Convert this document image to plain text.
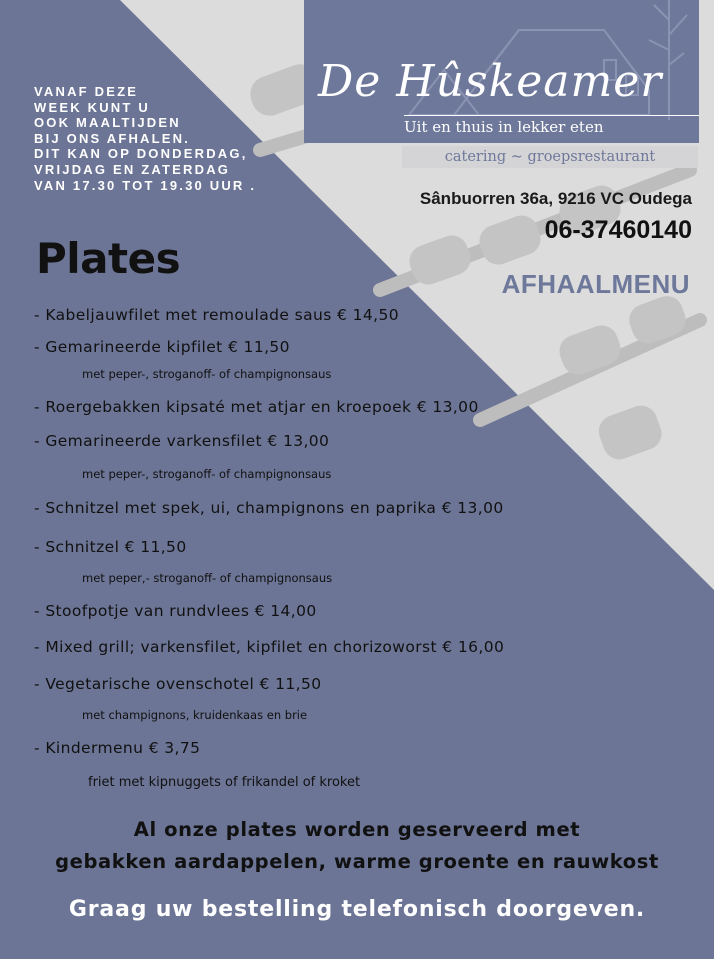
VANAF DEZE
WEEK KUNT U
OOK MAALTIJDEN
BIJ ONS AFHALEN.
DIT KAN OP DONDERDAG,
VRIJDAG EN ZATERDAG
VAN 17.30 TOT 19.30 UUR .
De Hûskeamer
Uit en thuis in lekker eten
catering ~ groepsrestaurant
Sânbuorren 36a, 9216 VC Oudega
06-37460140
AFHAALMENU
Plates
- Kabeljauwfilet met remoulade saus € 14,50
- Gemarineerde kipfilet € 11,50
met peper-, stroganoff- of champignonsaus
- Roergebakken kipsaté met atjar en kroepoek € 13,00
- Gemarineerde varkensfilet € 13,00
met peper-, stroganoff- of champignonsaus
- Schnitzel met spek, ui, champignons en paprika € 13,00
- Schnitzel € 11,50
met peper,- stroganoff- of champignonsaus
- Stoofpotje van rundvlees € 14,00
- Mixed grill; varkensfilet, kipfilet en chorizoworst € 16,00
- Vegetarische ovenschotel € 11,50
met champignons, kruidenkaas en brie
- Kindermenu € 3,75
friet met kipnuggets of frikandel of kroket
Al onze plates worden geserveerd met
gebakken aardappelen, warme groente en rauwkost
Graag uw bestelling telefonisch doorgeven.
